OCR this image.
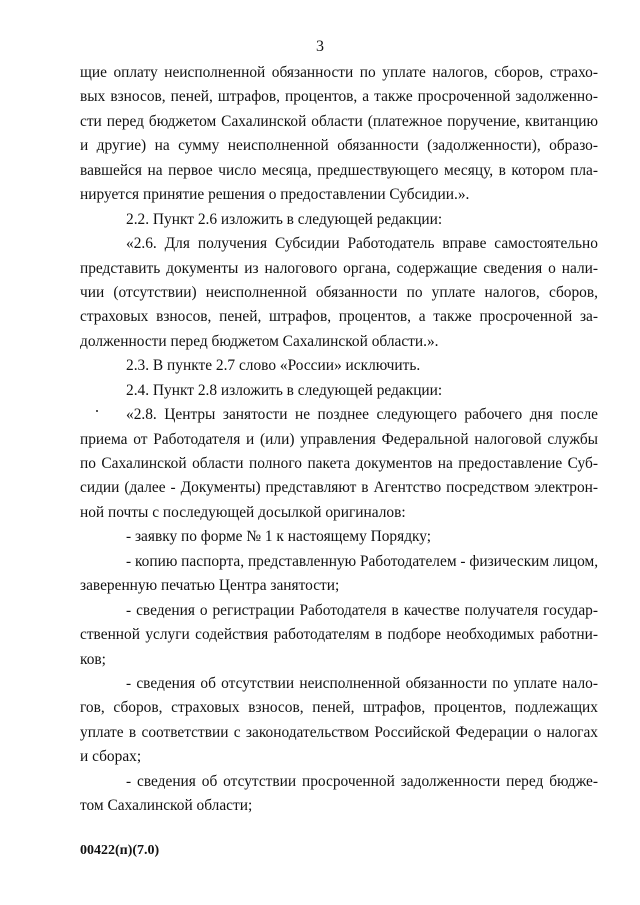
3
щие оплату неисполненной обязанности по уплате налогов, сборов, страхо-
вых взносов, пеней, штрафов, процентов, а также просроченной задолженно-
сти перед бюджетом Сахалинской области (платежное поручение, квитанцию
и другие) на сумму неисполненной обязанности (задолженности), образо-
вавшейся на первое число месяца, предшествующего месяцу, в котором пла-
нируется принятие решения о предоставлении Субсидии.».
2.2. Пункт 2.6 изложить в следующей редакции:
«2.6. Для получения Субсидии Работодатель вправе самостоятельно
представить документы из налогового органа, содержащие сведения о нали-
чии (отсутствии) неисполненной обязанности по уплате налогов, сборов,
страховых взносов, пеней, штрафов, процентов, а также просроченной за-
долженности перед бюджетом Сахалинской области.».
2.3. В пункте 2.7 слово «России» исключить.
2.4. Пункт 2.8 изложить в следующей редакции:
«2.8. Центры занятости не позднее следующего рабочего дня после
приема от Работодателя и (или) управления Федеральной налоговой службы
по Сахалинской области полного пакета документов на предоставление Суб-
сидии (далее - Документы) представляют в Агентство посредством электрон-
ной почты с последующей досылкой оригиналов:
- заявку по форме № 1 к настоящему Порядку;
- копию паспорта, представленную Работодателем - физическим лицом,
заверенную печатью Центра занятости;
- сведения о регистрации Работодателя в качестве получателя государ-
ственной услуги содействия работодателям в подборе необходимых работни-
ков;
- сведения об отсутствии неисполненной обязанности по уплате нало-
гов, сборов, страховых взносов, пеней, штрафов, процентов, подлежащих
уплате в соответствии с законодательством Российской Федерации о налогах
и сборах;
- сведения об отсутствии просроченной задолженности перед бюдже-
том Сахалинской области;
00422(п)(7.0)
